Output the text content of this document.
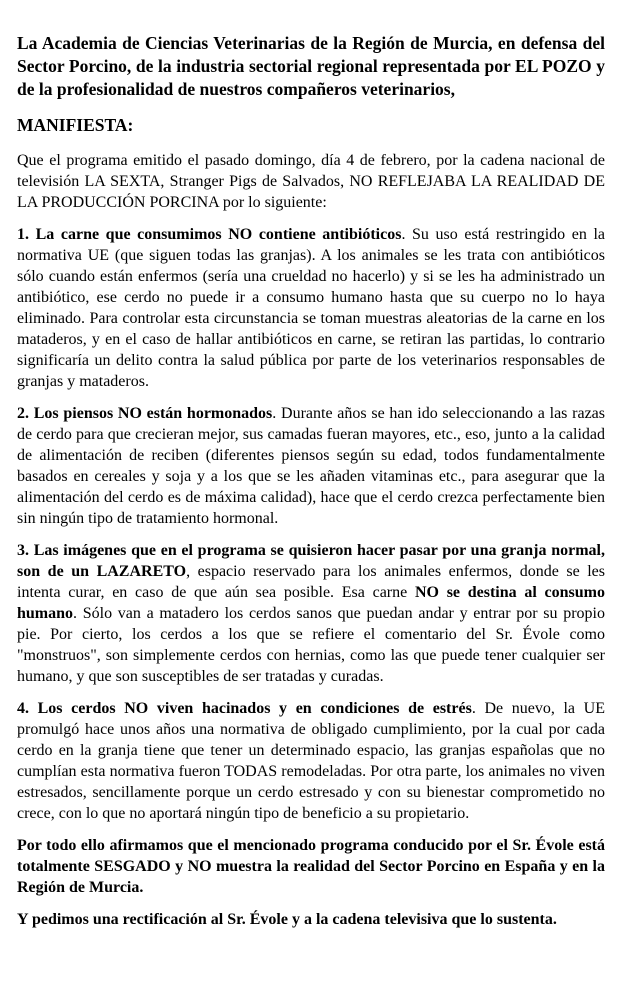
La Academia de Ciencias Veterinarias de la Región de Murcia, en defensa del Sector Porcino, de la industria sectorial regional representada por EL POZO y de la profesionalidad de nuestros compañeros veterinarios,

MANIFIESTA:

Que el programa emitido el pasado domingo, día 4 de febrero, por la cadena nacional de televisión LA SEXTA, Stranger Pigs de Salvados, NO REFLEJABA LA REALIDAD DE LA PRODUCCIÓN PORCINA por lo siguiente:

1. La carne que consumimos NO contiene antibióticos. Su uso está restringido en la normativa UE (que siguen todas las granjas). A los animales se les trata con antibióticos sólo cuando están enfermos (sería una crueldad no hacerlo) y si se les ha administrado un antibiótico, ese cerdo no puede ir a consumo humano hasta que su cuerpo no lo haya eliminado. Para controlar esta circunstancia se toman muestras aleatorias de la carne en los mataderos, y en el caso de hallar antibióticos en carne, se retiran las partidas, lo contrario significaría un delito contra la salud pública por parte de los veterinarios responsables de granjas y mataderos.

2. Los piensos NO están hormonados. Durante años se han ido seleccionando a las razas de cerdo para que crecieran mejor, sus camadas fueran mayores, etc., eso, junto a la calidad de alimentación de reciben (diferentes piensos según su edad, todos fundamentalmente basados en cereales y soja y a los que se les añaden vitaminas etc., para asegurar que la alimentación del cerdo es de máxima calidad), hace que el cerdo crezca perfectamente bien sin ningún tipo de tratamiento hormonal.

3. Las imágenes que en el programa se quisieron hacer pasar por una granja normal, son de un LAZARETO, espacio reservado para los animales enfermos, donde se les intenta curar, en caso de que aún sea posible. Esa carne NO se destina al consumo humano. Sólo van a matadero los cerdos sanos que puedan andar y entrar por su propio pie. Por cierto, los cerdos a los que se refiere el comentario del Sr. Évole como "monstruos", son simplemente cerdos con hernias, como las que puede tener cualquier ser humano, y que son susceptibles de ser tratadas y curadas.

4. Los cerdos NO viven hacinados y en condiciones de estrés. De nuevo, la UE promulgó hace unos años una normativa de obligado cumplimiento, por la cual por cada cerdo en la granja tiene que tener un determinado espacio, las granjas españolas que no cumplían esta normativa fueron TODAS remodeladas. Por otra parte, los animales no viven estresados, sencillamente porque un cerdo estresado y con su bienestar comprometido no crece, con lo que no aportará ningún tipo de beneficio a su propietario.

Por todo ello afirmamos que el mencionado programa conducido por el Sr. Évole está totalmente SESGADO y NO muestra la realidad del Sector Porcino en España y en la Región de Murcia.

Y pedimos una rectificación al Sr. Évole y a la cadena televisiva que lo sustenta.
